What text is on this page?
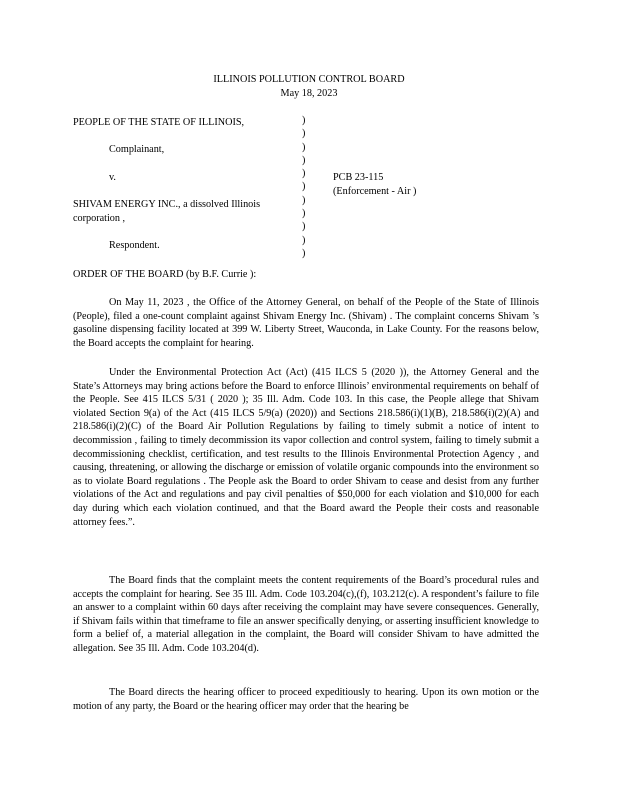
ILLINOIS POLLUTION CONTROL BOARD
May 18, 2023
PEOPLE OF THE STATE OF ILLINOIS,
Complainant,
v.
SHIVAM ENERGY INC., a dissolved Illinois
corporation ,
Respondent.
)
)
)
)
)
)
)
)
)
)
)
PCB 23-115
(Enforcement - Air )
ORDER OF THE BOARD (by B.F. Currie ):

On May 11, 2023 , the Office of the Attorney General, on behalf of the People of the State of Illinois (People), filed a one-count complaint against Shivam Energy Inc. (Shivam) . The complaint concerns Shivam ’s gasoline dispensing facility located at 399 W. Liberty Street, Wauconda, in Lake County. For the reasons below, the Board accepts the complaint for hearing.

Under the Environmental Protection Act (Act) (415 ILCS 5 (2020 )), the Attorney General and the State’s Attorneys may bring actions before the Board to enforce Illinois’ environmental requirements on behalf of the People. See 415 ILCS 5/31 ( 2020 ); 35 Ill. Adm. Code 103. In this case, the People allege that Shivam violated Section 9(a) of the Act (415 ILCS 5/9(a) (2020)) and Sections 218.586(i)(1)(B), 218.586(i)(2)(A) and 218.586(i)(2)(C) of the Board Air Pollution Regulations by failing to timely submit a notice of intent to decommission , failing to timely decommission its vapor collection and control system, failing to timely submit a decommissioning checklist, certification, and test results to the Illinois Environmental Protection Agency , and causing, threatening, or allowing the discharge or emission of volatile organic compounds into the environment so as to violate Board regulations . The People ask the Board to order Shivam to cease and desist from any further violations of the Act and regulations and pay civil penalties of $50,000 for each violation and $10,000 for each day during which each violation continued, and that the Board award the People their costs and reasonable attorney fees.”.

The Board finds that the complaint meets the content requirements of the Board’s procedural rules and accepts the complaint for hearing. See 35 Ill. Adm. Code 103.204(c),(f), 103.212(c). A respondent’s failure to file an answer to a complaint within 60 days after receiving the complaint may have severe consequences. Generally, if Shivam fails within that timeframe to file an answer specifically denying, or asserting insufficient knowledge to form a belief of, a material allegation in the complaint, the Board will consider Shivam to have admitted the allegation. See 35 Ill. Adm. Code 103.204(d).

The Board directs the hearing officer to proceed expeditiously to hearing. Upon its own motion or the motion of any party, the Board or the hearing officer may order that the hearing be
